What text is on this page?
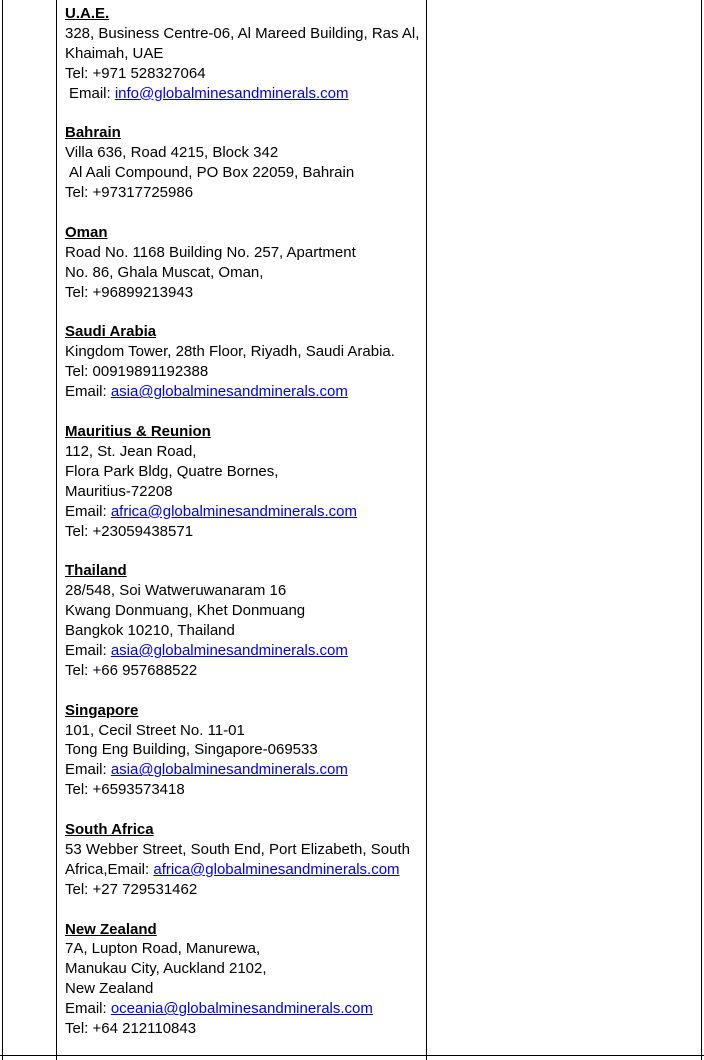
U.A.E.
328, Business Centre-06, Al Mareed Building, Ras Al,
Khaimah, UAE
Tel: +971 528327064
Email: info@globalminesandminerals.com
Bahrain
Villa 636, Road 4215, Block 342
Al Aali Compound, PO Box 22059, Bahrain
Tel: +97317725986
Oman
Road No. 1168 Building No. 257, Apartment
No. 86, Ghala Muscat, Oman,
Tel: +96899213943
Saudi Arabia
Kingdom Tower, 28th Floor, Riyadh, Saudi Arabia.
Tel: 00919891192388
Email: asia@globalminesandminerals.com
Mauritius & Reunion
112, St. Jean Road,
Flora Park Bldg, Quatre Bornes,
Mauritius-72208
Email: africa@globalminesandminerals.com
Tel: +23059438571
Thailand
28/548, Soi Watweruwanaram 16
Kwang Donmuang, Khet Donmuang
Bangkok 10210, Thailand
Email: asia@globalminesandminerals.com
Tel: +66 957688522
Singapore
101, Cecil Street No. 11-01
Tong Eng Building, Singapore-069533
Email: asia@globalminesandminerals.com
Tel: +6593573418
South Africa
53 Webber Street, South End, Port Elizabeth, South
Africa,Email: africa@globalminesandminerals.com
Tel: +27 729531462
New Zealand
7A, Lupton Road, Manurewa,
Manukau City, Auckland 2102,
New Zealand
Email: oceania@globalminesandminerals.com
Tel: +64 212110843
